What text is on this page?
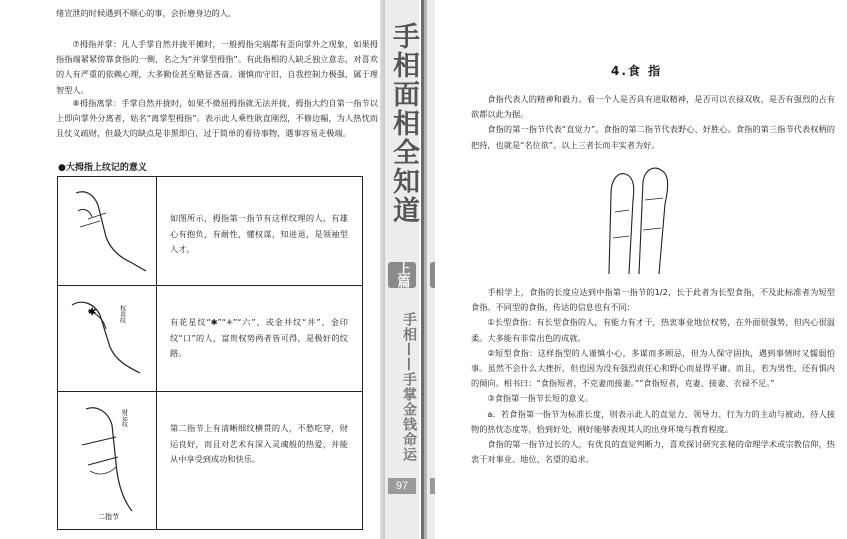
绪宣泄的时候遇到不顺心的事，会折磨身边的人。
⑦拇指并掌：凡人手掌自然并拢平摊时，一般拇指尖端都有歪向掌外之现象，如果拇指指端紧紧傍靠食指的一侧，名之为“并掌型拇指”。有此指相的人缺乏独立意志，对喜欢的人有严重的依赖心理，大多勤俭甚至略显吝啬。谨慎而守旧，自我控制力极强，属于理智型人。
⑧拇指离掌：手掌自然并拢时，如果不微屈拇指就无法并拢，拇指大约自第一指节以上即向掌外分离者，姑名“离掌型拇指”。表示此人乘性耿直刚烈，不修边幅，为人热忱而且仗义疏财，但最大的缺点是非黑即白，过于简单的看待事物，遇事容易走极端。
●大拇指上纹记的意义
如图所示，拇指第一指节有这样纹理的人，有雄心有抱负，有耐性，懂权谋，知进退，是领袖型人才。
✱	权贵纹	有花星纹“✱”“✳”“六”，或金井纹“井”，金印纹“口”的人，富贵权势两者皆可得，是极好的纹路。
财运纹
二指节
第二指节上有清晰细纹横贯的人，不愁吃穿，财运良好，而且对艺术有深入灵魂般的热爱，并能从中享受到成功和快乐。
手相面相全知道
上篇
手相——手掌金钱命运
97
4.食 指
食指代表人的精神和毅力。看一个人是否具有进取精神，是否可以衣禄双收，是否有强烈的占有欲都以此为据。
食指的第一指节代表“直觉力”。食指的第二指节代表野心、好胜心。食指的第三指节代表权柄的把持，也就是“名位欲”。以上三者长而丰实者为好。
手相学上，食指的长度应达到中指第一指节的1/2，长于此者为长型食指，不及此标准者为短型食指。不同型的食指，传达的信息也有不同：
①长型食指：有长型食指的人，有能力有才干，热衷事业地位权势，在外面很强势，但内心很温柔。大多能有非常出色的成就。
②短型食指：这样指型的人谨慎小心，多谋而多顾忌，但为人保守固执，遇到事情时又懦弱怕事。虽然不会什么大挫折，但也因为没有强烈责任心和野心而显得平庸。而且，若为男性，还有惧内的倾向。相书曰：“食指短者，不克妻而接妻。”“食指短者，克妻、接妻、衣禄不足。”
③食指第一指节长短的意义。
a．若食指第一指节为标准长度，则表示此人的直觉力、领导力、行为力的主动与被动，待人接物的热忱态度等，恰到好处，刚好能够表现其人的出身环境与教育程度。
食指的第一指节过长的人，有优良的直觉判断力，喜欢探讨研究玄秘的命理学术或宗教信仰，热衷于对事业、地位、名望的追求。
